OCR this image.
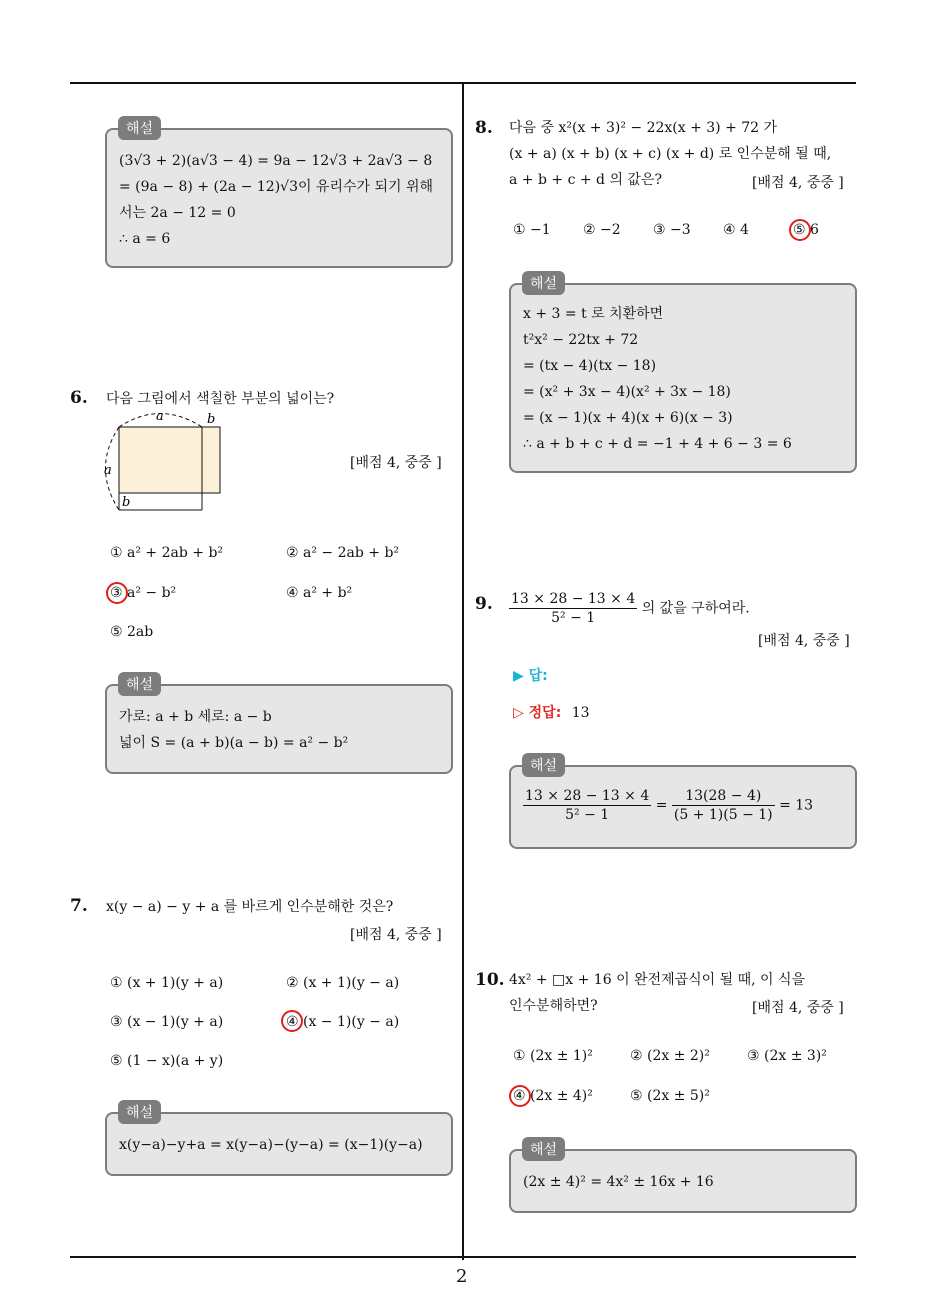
2
(3√3 + 2)(a√3 − 4) = 9a − 12√3 + 2a√3 − 8
= (9a − 8) + (2a − 12)√3이 유리수가 되기 위해
서는 2a − 12 = 0
∴ a = 6
해설
6. 다음 그림에서 색칠한 부분의 넓이는?
a	b
a
b
[배점 4, 중중 ]
① a² + 2ab + b²	② a² − 2ab + b²
③ a² − b²	④ a² + b²
⑤ 2ab
가로: a + b 세로: a − b
넓이 S = (a + b)(a − b) = a² − b²
해설
7. x(y − a) − y + a 를 바르게 인수분해한 것은?
[배점 4, 중중 ]
① (x + 1)(y + a)	② (x + 1)(y − a)
③ (x − 1)(y + a)	④ (x − 1)(y − a)
⑤ (1 − x)(a + y)
x(y−a)−y+a = x(y−a)−(y−a) = (x−1)(y−a)
해설
8. 다음 중 x²(x + 3)² − 22x(x + 3) + 72 가
(x + a) (x + b) (x + c) (x + d) 로 인수분해 될 때,
a + b + c + d 의 값은?	[배점 4, 중중 ]
① −1 ② −2 ③ −3 ④ 4	⑤ 6
x + 3 = t 로 치환하면
t²x² − 22tx + 72
= (tx − 4)(tx − 18)
= (x² + 3x − 4)(x² + 3x − 18)
= (x − 1)(x + 4)(x + 6)(x − 3)
∴ a + b + c + d = −1 + 4 + 6 − 3 = 6
해설
9. $\frac{13 \times 28 - 13 \times 4}{\text{5² − 1}}$ 의 값을 구하여라.
[배점 4, 중중 ]
▶ 답:
▷ 정답: 13
$\frac{13 \times 28 - 13 \times 4}{\text{5² − 1}} = \frac{13(28 - 4)}{(5 + 1)(5 - 1)} = 13$
해설
10. 4x² + □x + 16 이 완전제곱식이 될 때, 이 식을
인수분해하면?	[배점 4, 중중 ]
① (2x ± 1)²	② (2x ± 2)²	③ (2x ± 3)²
④ (2x ± 4)²	⑤ (2x ± 5)²
(2x ± 4)² = 4x² ± 16x + 16
해설
